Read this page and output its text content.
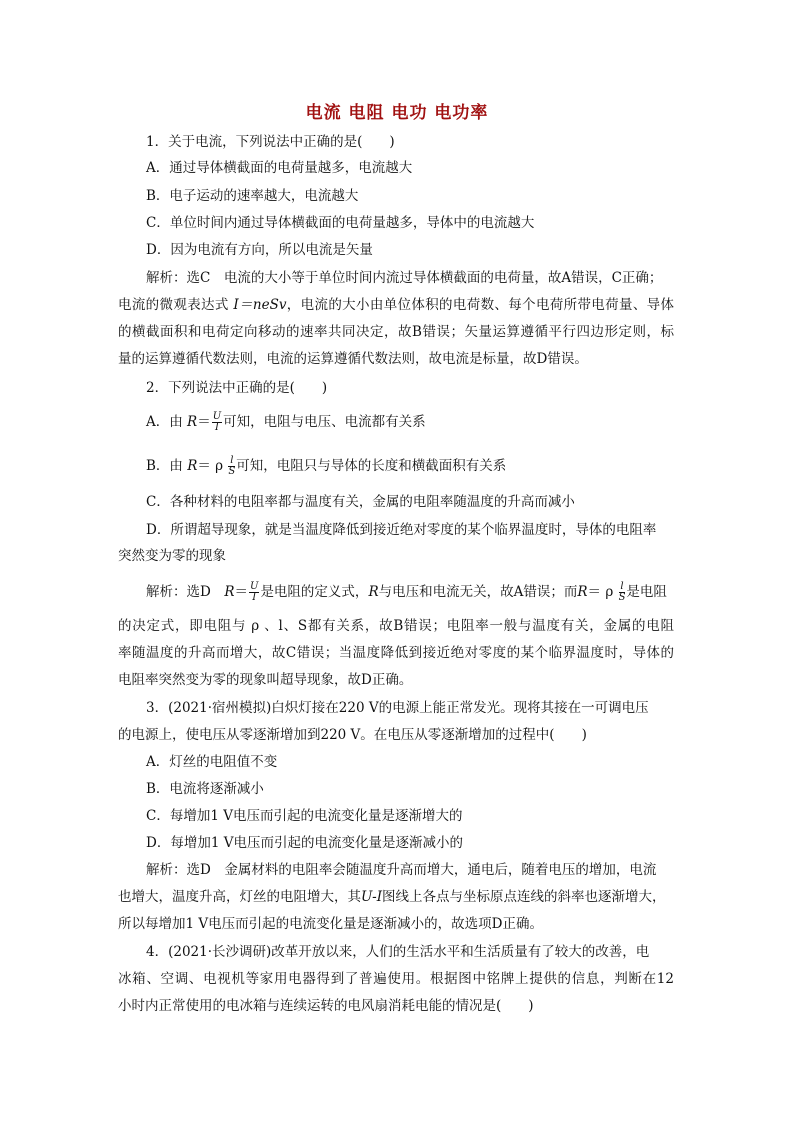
电流 电阻 电功 电功率
1．关于电流，下列说法中正确的是(　　)
A．通过导体横截面的电荷量越多，电流越大
B．电子运动的速率越大，电流越大
C．单位时间内通过导体横截面的电荷量越多，导体中的电流越大
D．因为电流有方向，所以电流是矢量
解析：选C　电流的大小等于单位时间内流过导体横截面的电荷量，故A错误，C正确；
电流的微观表达式 I＝neSv，电流的大小由单位体积的电荷数、每个电荷所带电荷量、导体
的横截面积和电荷定向移动的速率共同决定，故B错误；矢量运算遵循平行四边形定则，标
量的运算遵循代数法则，电流的运算遵循代数法则，故电流是标量，故D错误。
2．下列说法中正确的是(　　)
A．由 $R= \frac{U}{I}$ 可知，电阻与电压、电流都有关系
B．由 R＝ ρ $\frac{l}{S}$ 可知，电阻只与导体的长度和横截面积有关系
C．各种材料的电阻率都与温度有关，金属的电阻率随温度的升高而减小
D．所谓超导现象，就是当温度降低到接近绝对零度的某个临界温度时，导体的电阻率
突然变为零的现象
解析：选D　$R= \frac{U}{I}$ 是电阻的定义式，R与电压和电流无关，故A错误；而R＝ ρ $\frac{l}{S}$ 是电阻
的决定式，即电阻与 ρ 、l、S都有关系，故B错误；电阻率一般与温度有关，金属的电阻
率随温度的升高而增大，故C错误；当温度降低到接近绝对零度的某个临界温度时，导体的
电阻率突然变为零的现象叫超导现象，故D正确。
3．(2021·宿州模拟)白炽灯接在220 V的电源上能正常发光。现将其接在一可调电压
的电源上，使电压从零逐渐增加到220 V。在电压从零逐渐增加的过程中(　　)
A．灯丝的电阻值不变
B．电流将逐渐减小
C．每增加1 V电压而引起的电流变化量是逐渐增大的
D．每增加1 V电压而引起的电流变化量是逐渐减小的
解析：选D　金属材料的电阻率会随温度升高而增大，通电后，随着电压的增加，电流
也增大，温度升高，灯丝的电阻增大，其U-I图线上各点与坐标原点连线的斜率也逐渐增大，
所以每增加1 V电压而引起的电流变化量是逐渐减小的，故选项D正确。
4．(2021·长沙调研)改革开放以来，人们的生活水平和生活质量有了较大的改善，电
冰箱、空调、电视机等家用电器得到了普遍使用。根据图中铭牌上提供的信息，判断在12
小时内正常使用的电冰箱与连续运转的电风扇消耗电能的情况是(　　)
